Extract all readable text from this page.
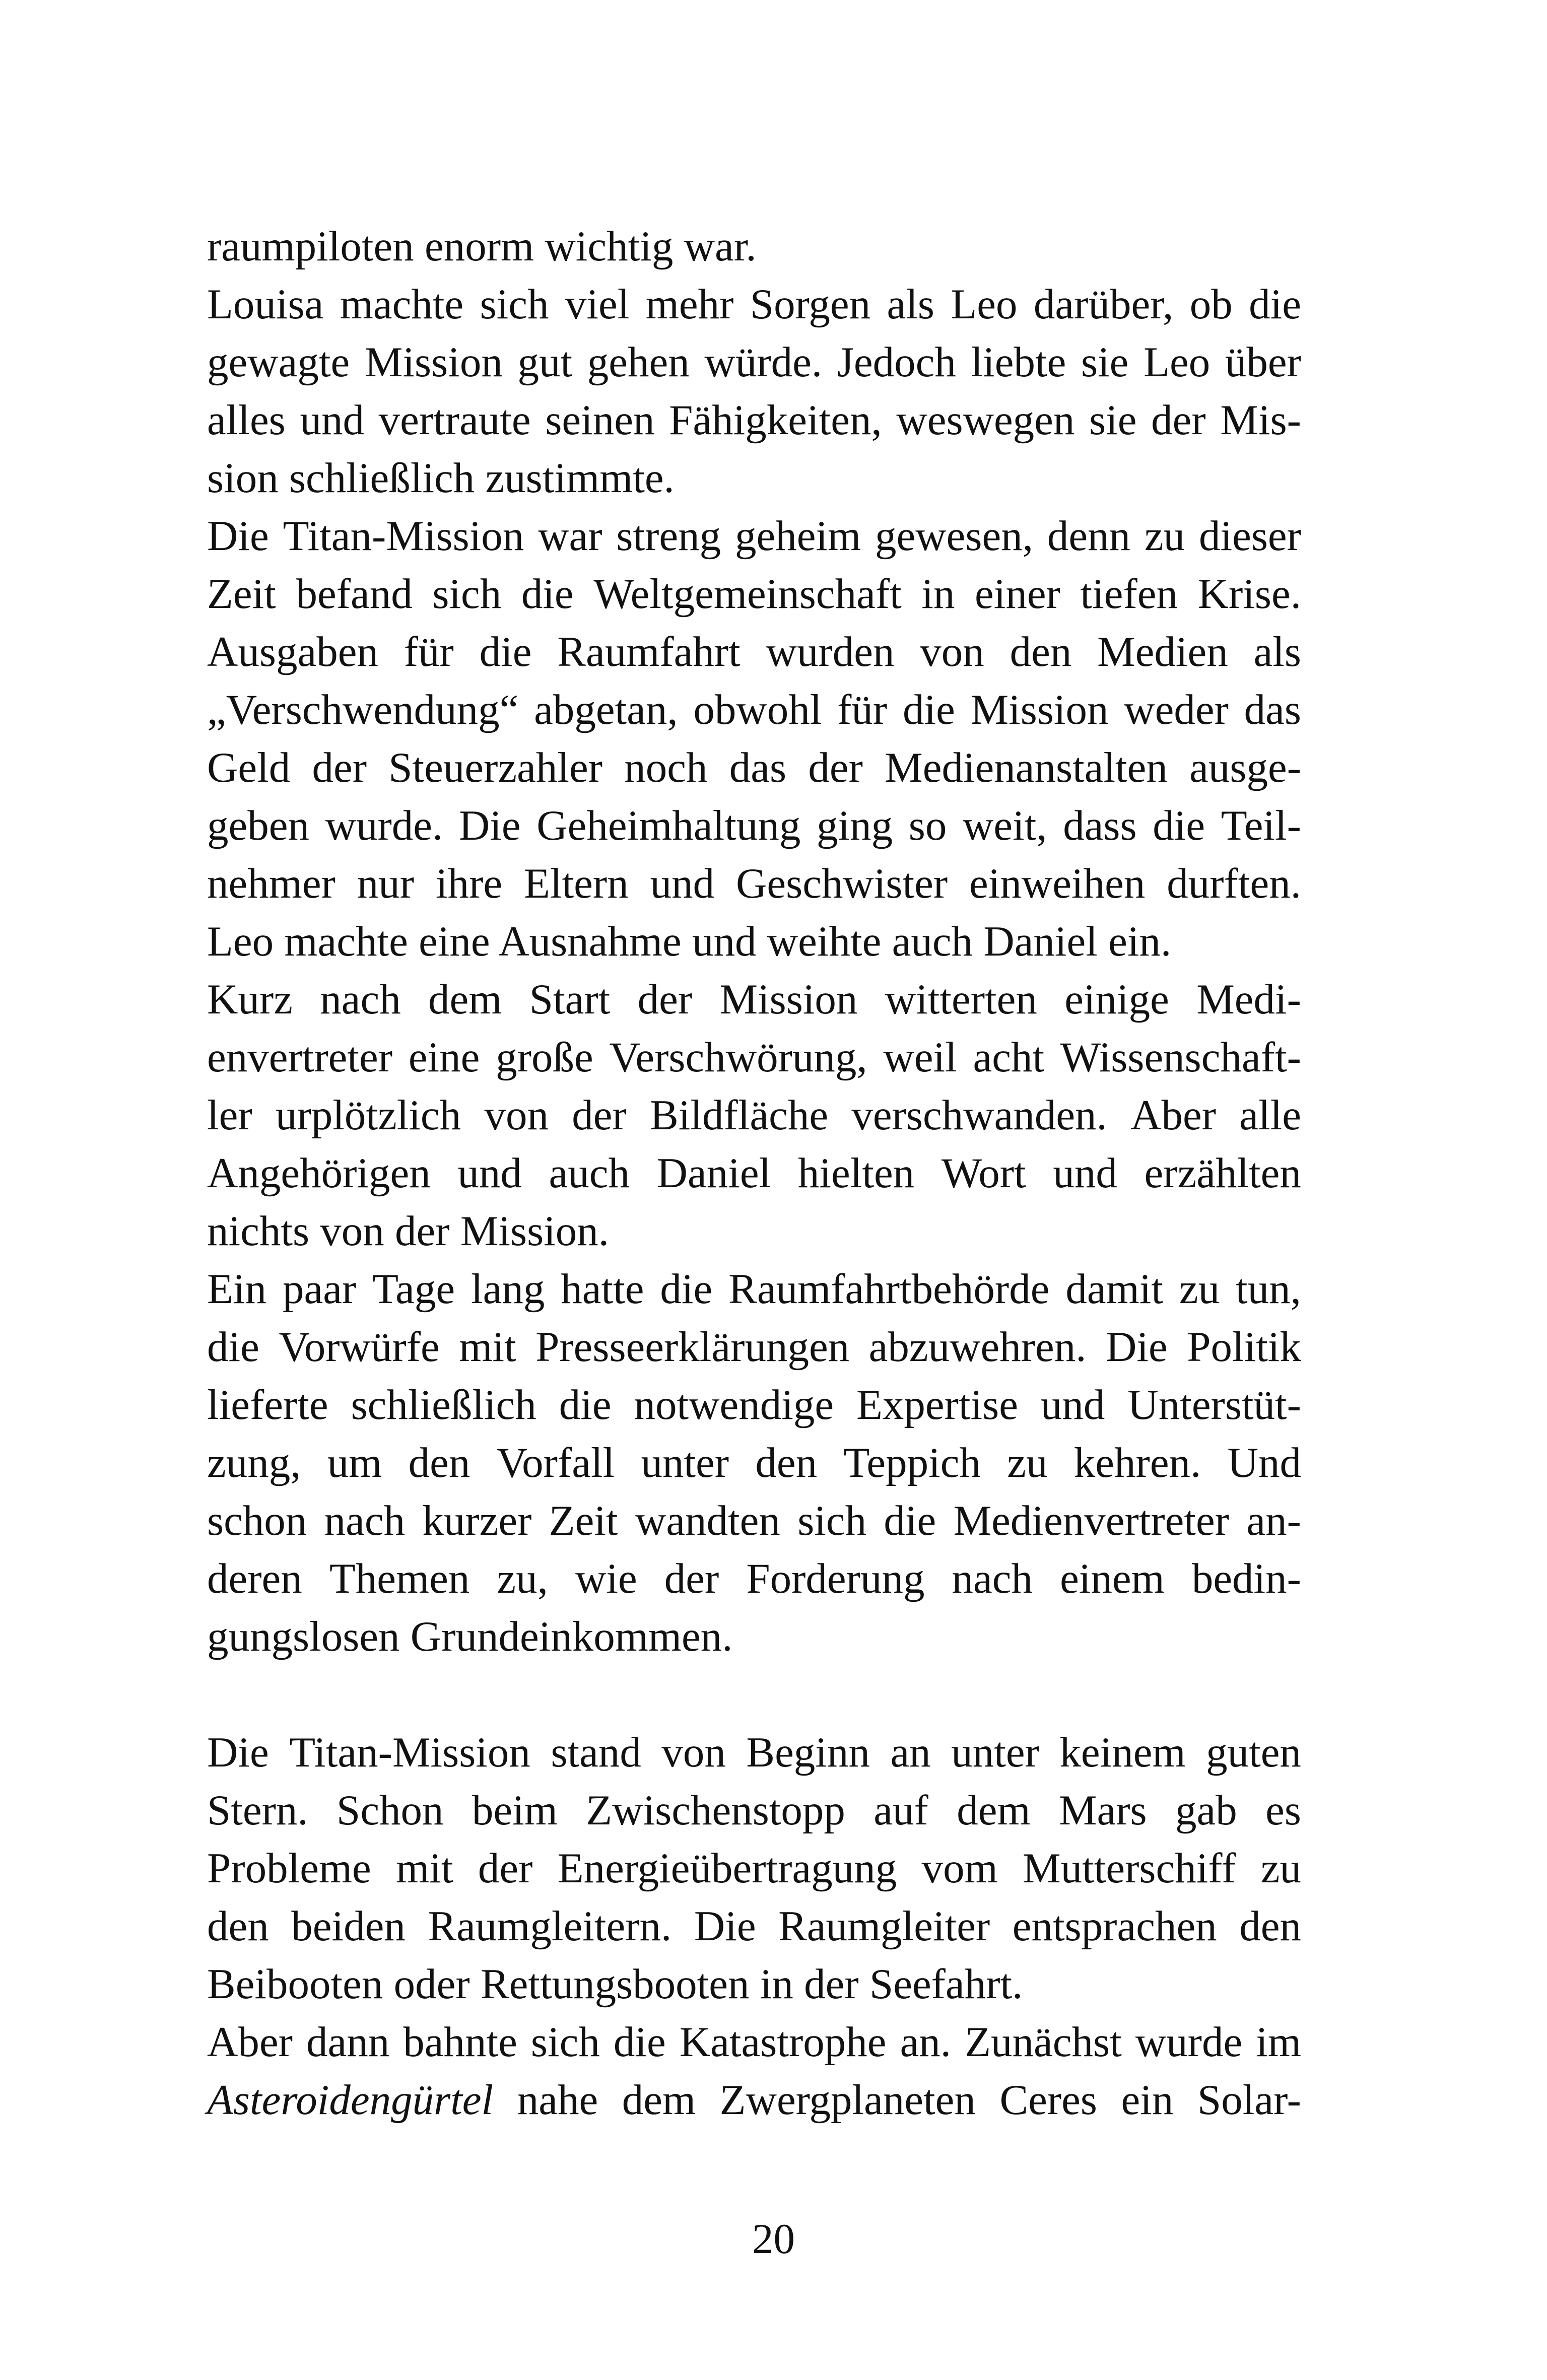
raumpiloten enorm wichtig war.
Louisa machte sich viel mehr Sorgen als Leo darüber, ob die
gewagte Mission gut gehen würde. Jedoch liebte sie Leo über
alles und vertraute seinen Fähigkeiten, weswegen sie der Mis-
sion schließlich zustimmte.
Die Titan-Mission war streng geheim gewesen, denn zu dieser
Zeit befand sich die Weltgemeinschaft in einer tiefen Krise.
Ausgaben für die Raumfahrt wurden von den Medien als
„Verschwendung“ abgetan, obwohl für die Mission weder das
Geld der Steuerzahler noch das der Medienanstalten ausge-
geben wurde. Die Geheimhaltung ging so weit, dass die Teil-
nehmer nur ihre Eltern und Geschwister einweihen durften.
Leo machte eine Ausnahme und weihte auch Daniel ein.
Kurz nach dem Start der Mission witterten einige Medi-
envertreter eine große Verschwörung, weil acht Wissenschaft-
ler urplötzlich von der Bildfläche verschwanden. Aber alle
Angehörigen und auch Daniel hielten Wort und erzählten
nichts von der Mission.
Ein paar Tage lang hatte die Raumfahrtbehörde damit zu tun,
die Vorwürfe mit Presseerklärungen abzuwehren. Die Politik
lieferte schließlich die notwendige Expertise und Unterstüt-
zung, um den Vorfall unter den Teppich zu kehren. Und
schon nach kurzer Zeit wandten sich die Medienvertreter an-
deren Themen zu, wie der Forderung nach einem bedin-
gungslosen Grundeinkommen.
Die Titan-Mission stand von Beginn an unter keinem guten
Stern. Schon beim Zwischenstopp auf dem Mars gab es
Probleme mit der Energieübertragung vom Mutterschiff zu
den beiden Raumgleitern. Die Raumgleiter entsprachen den
Beibooten oder Rettungsbooten in der Seefahrt.
Aber dann bahnte sich die Katastrophe an. Zunächst wurde im
Asteroidengürtel nahe dem Zwergplaneten Ceres ein Solar-
20
